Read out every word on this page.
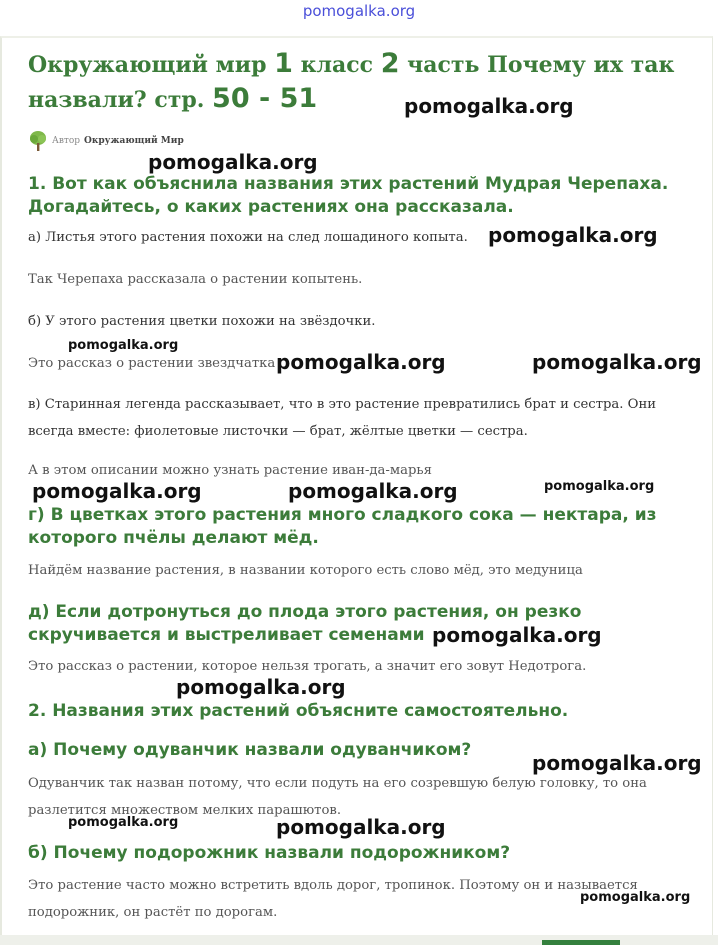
pomogalka.org
Окружающий мир 1 класс 2 часть Почему их так назвали? стр. 50 - 51
Автор Окружающий Мир
1. Вот как объяснила названия этих растений Мудрая Черепаха. Догадайтесь, о каких растениях она рассказала.

а) Листья этого растения похожи на след лошадиного копыта.

Так Черепаха рассказала о растении копытень.

б) У этого растения цветки похожи на звёздочки.

Это рассказ о растении звездчатка

в) Старинная легенда рассказывает, что в это растение превратились брат и сестра. Они всегда вместе: фиолетовые листочки — брат, жёлтые цветки — сестра.

А в этом описании можно узнать растение иван-да-марья

г) В цветках этого растения много сладкого сока — нектара, из которого пчёлы делают мёд.

Найдём название растения, в названии которого есть слово мёд, это медуница

д) Если дотронуться до плода этого растения, он резко скручивается и выстреливает семенами

Это рассказ о растении, которое нельзя трогать, а значит его зовут Недотрога.

2. Названия этих растений объясните самостоятельно.
а) Почему одуванчик назвали одуванчиком?

Одуванчик так назван потому, что если подуть на его созревшую белую головку, то она разлетится множеством мелких парашютов.

б) Почему подорожник назвали подорожником?

Это растение часто можно встретить вдоль дорог, тропинок. Поэтому он и называется подорожник, он растёт по дорогам.

pomogalka.org
pomogalka.org
pomogalka.org
pomogalka.org
pomogalka.org	pomogalka.org
pomogalka.org	pomogalka.org	pomogalka.org
pomogalka.org
pomogalka.org
pomogalka.org
pomogalka.org	pomogalka.org
pomogalka.org
